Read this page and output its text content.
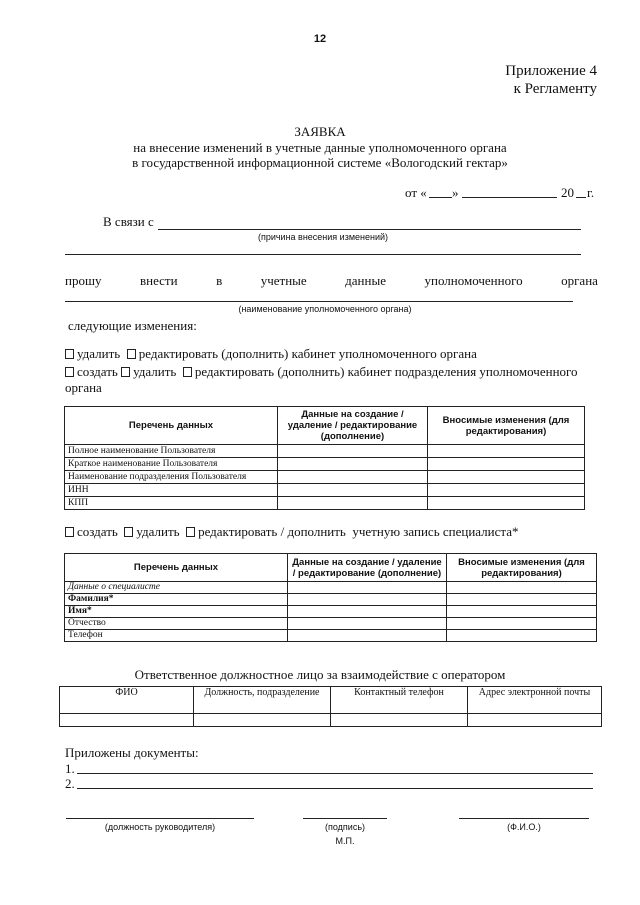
12
Приложение 4
к Регламенту
ЗАЯВКА
на внесение изменений в учетные данные уполномоченного органа
в государственной информационной системе «Вологодский гектар»
от « »	20 г.
В связи с
(причина внесения изменений)
прошу	внести	в	учетные	данные	уполномоченного	органа
(наименование уполномоченного органа)
следующие изменения:
удалить редактировать (дополнить) кабинет уполномоченного органа
создать удалить редактировать (дополнить) кабинет подразделения уполномоченного
органа
Перечень данных	Данные на создание / удаление / редактирование (дополнение)	Вносимые изменения (для редактирования)
Полное наименование Пользователя		
Краткое наименование Пользователя		
Наименование подразделения Пользователя		
ИНН		
КПП		
создать удалить редактировать / дополнить учетную запись специалиста*
Перечень данных	Данные на создание / удаление / редактирование (дополнение)	Вносимые изменения (для редактирования)
Данные о специалисте		
Фамилия*		
Имя*		
Отчество		
Телефон		
Ответственное должностное лицо за взаимодействие с оператором
ФИО	Должность, подразделение	Контактный телефон	Адрес электронной почты

Приложены документы:
1.
2.
(должность руководителя)	(подпись)	(Ф.И.О.)
М.П.
